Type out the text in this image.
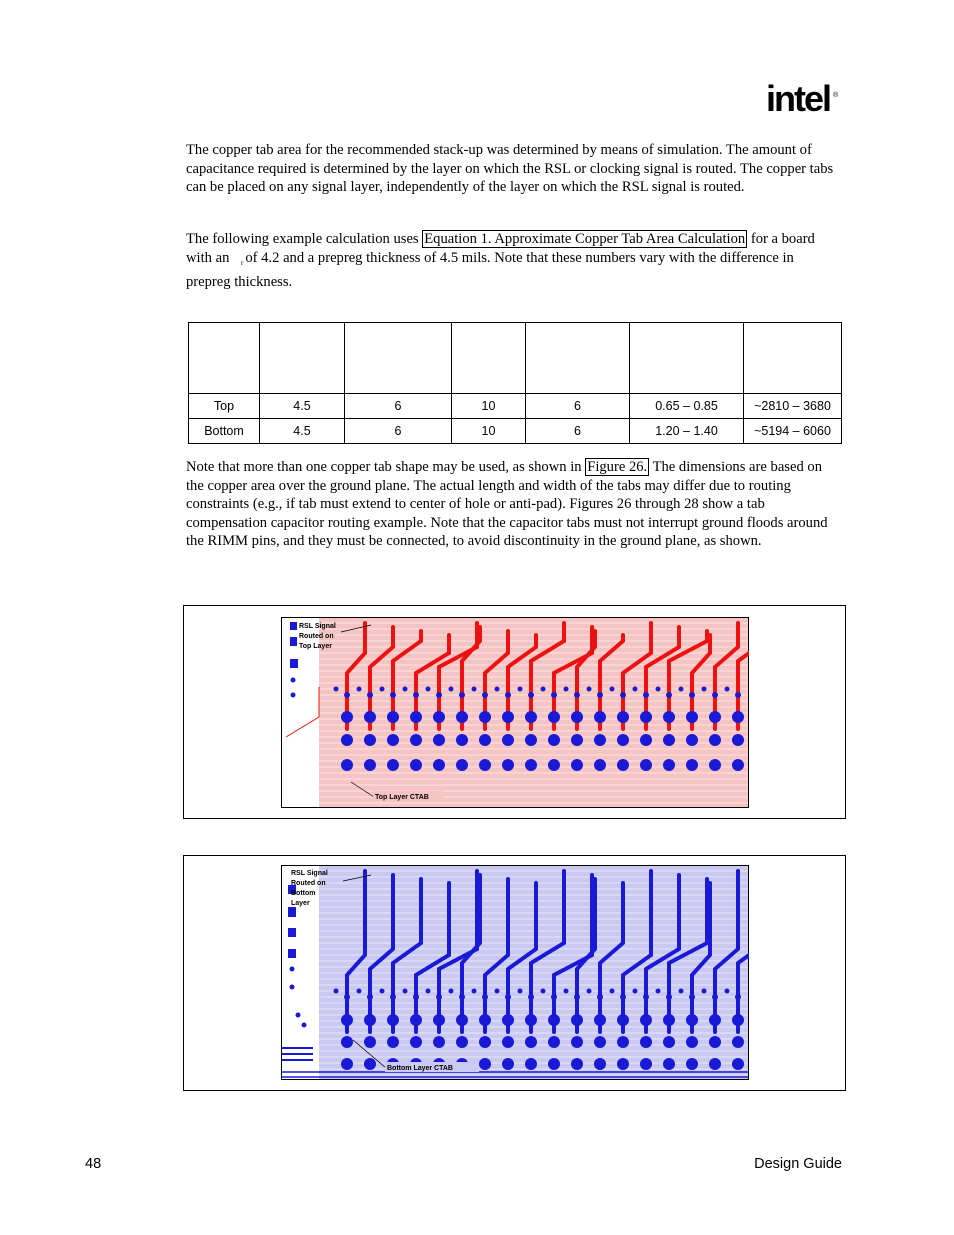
intel ®

The copper tab area for the recommended stack-up was determined by means of simulation. The amount of capacitance required is determined by the layer on which the RSL or clocking signal is routed. The copper tabs can be placed on any signal layer, independently of the layer on which the RSL signal is routed.

The following example calculation uses Equation 1. Approximate Copper Tab Area Calculation for a board with an $_r$ of 4.2 and a prepreg thickness of 4.5 mils. Note that these numbers vary with the difference in prepreg thickness.

Top	4.5	6	10	6	0.65 – 0.85	~2810 – 3680
Bottom	4.5	6	10	6	1.20 – 1.40	~5194 – 6060

Note that more than one copper tab shape may be used, as shown in Figure 26. The dimensions are based on the copper area over the ground plane. The actual length and width of the tabs may differ due to routing constraints (e.g., if tab must extend to center of hole or anti-pad). Figures 26 through 28 show a tab compensation capacitor routing example. Note that the capacitor tabs must not interrupt ground floods around the RIMM pins, and they must be connected, to avoid discontinuity in the ground plane, as shown.

RSL Signal
Routed on
Top Layer
Top Layer CTAB
RSL Signal
Routed on
Bottom
Layer
Bottom Layer CTAB
48	Design Guide
